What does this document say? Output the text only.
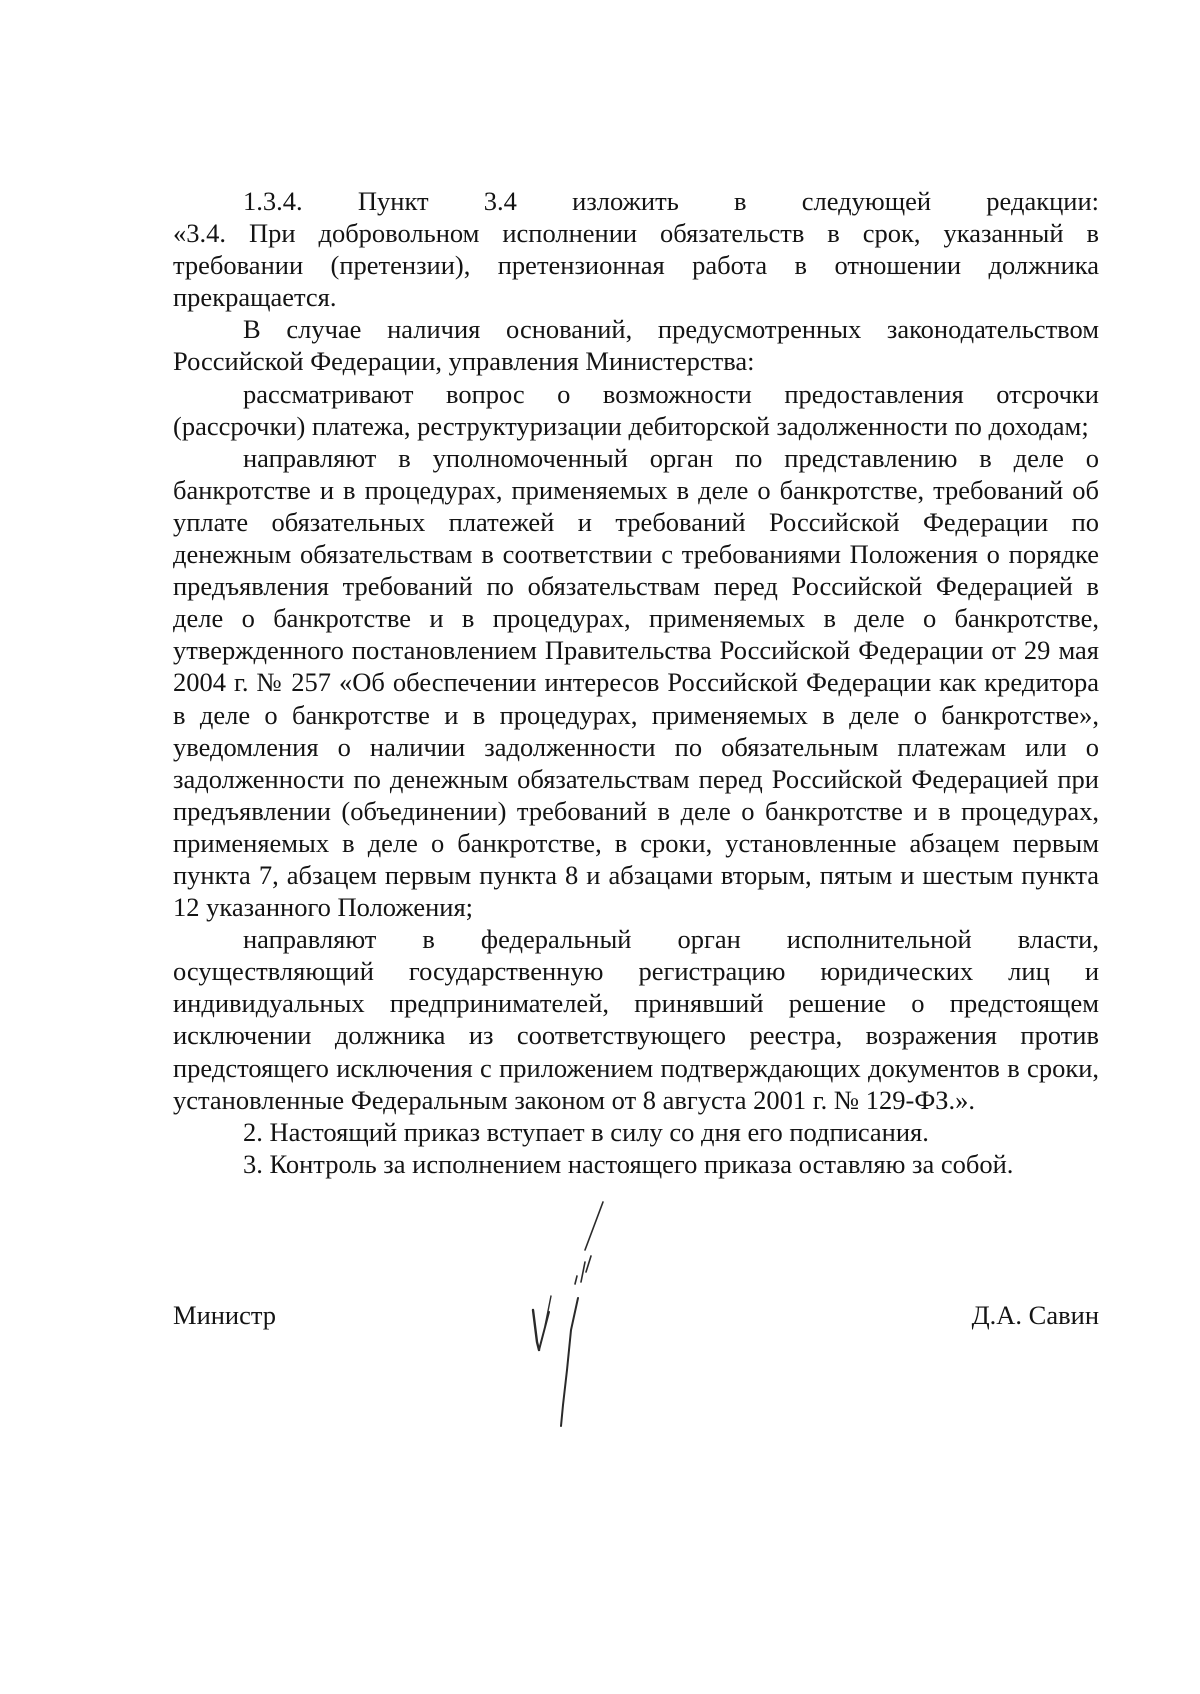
1.3.4. Пункт 3.4 изложить в следующей редакции:

«3.4. При добровольном исполнении обязательств в срок, указанный в требовании (претензии), претензионная работа в отношении должника прекращается.

В случае наличия оснований, предусмотренных законодательством Российской Федерации, управления Министерства:

рассматривают вопрос о возможности предоставления отсрочки (рассрочки) платежа, реструктуризации дебиторской задолженности по доходам;

направляют в уполномоченный орган по представлению в деле о банкротстве и в процедурах, применяемых в деле о банкротстве, требований об уплате обязательных платежей и требований Российской Федерации по денежным обязательствам в соответствии с требованиями Положения о порядке предъявления требований по обязательствам перед Российской Федерацией в деле о банкротстве и в процедурах, применяемых в деле о банкротстве, утвержденного постановлением Правительства Российской Федерации от 29 мая 2004 г. № 257 «Об обеспечении интересов Российской Федерации как кредитора в деле о банкротстве и в процедурах, применяемых в деле о банкротстве», уведомления о наличии задолженности по обязательным платежам или о задолженности по денежным обязательствам перед Российской Федерацией при предъявлении (объединении) требований в деле о банкротстве и в процедурах, применяемых в деле о банкротстве, в сроки, установленные абзацем первым пункта 7, абзацем первым пункта 8 и абзацами вторым, пятым и шестым пункта 12 указанного Положения;

направляют в федеральный орган исполнительной власти, осуществляющий государственную регистрацию юридических лиц и индивидуальных предпринимателей, принявший решение о предстоящем исключении должника из соответствующего реестра, возражения против предстоящего исключения с приложением подтверждающих документов в сроки, установленные Федеральным законом от 8 августа 2001 г. № 129-ФЗ.».

2. Настоящий приказ вступает в силу со дня его подписания.

3. Контроль за исполнением настоящего приказа оставляю за собой.

Министр	Д.А. Савин
